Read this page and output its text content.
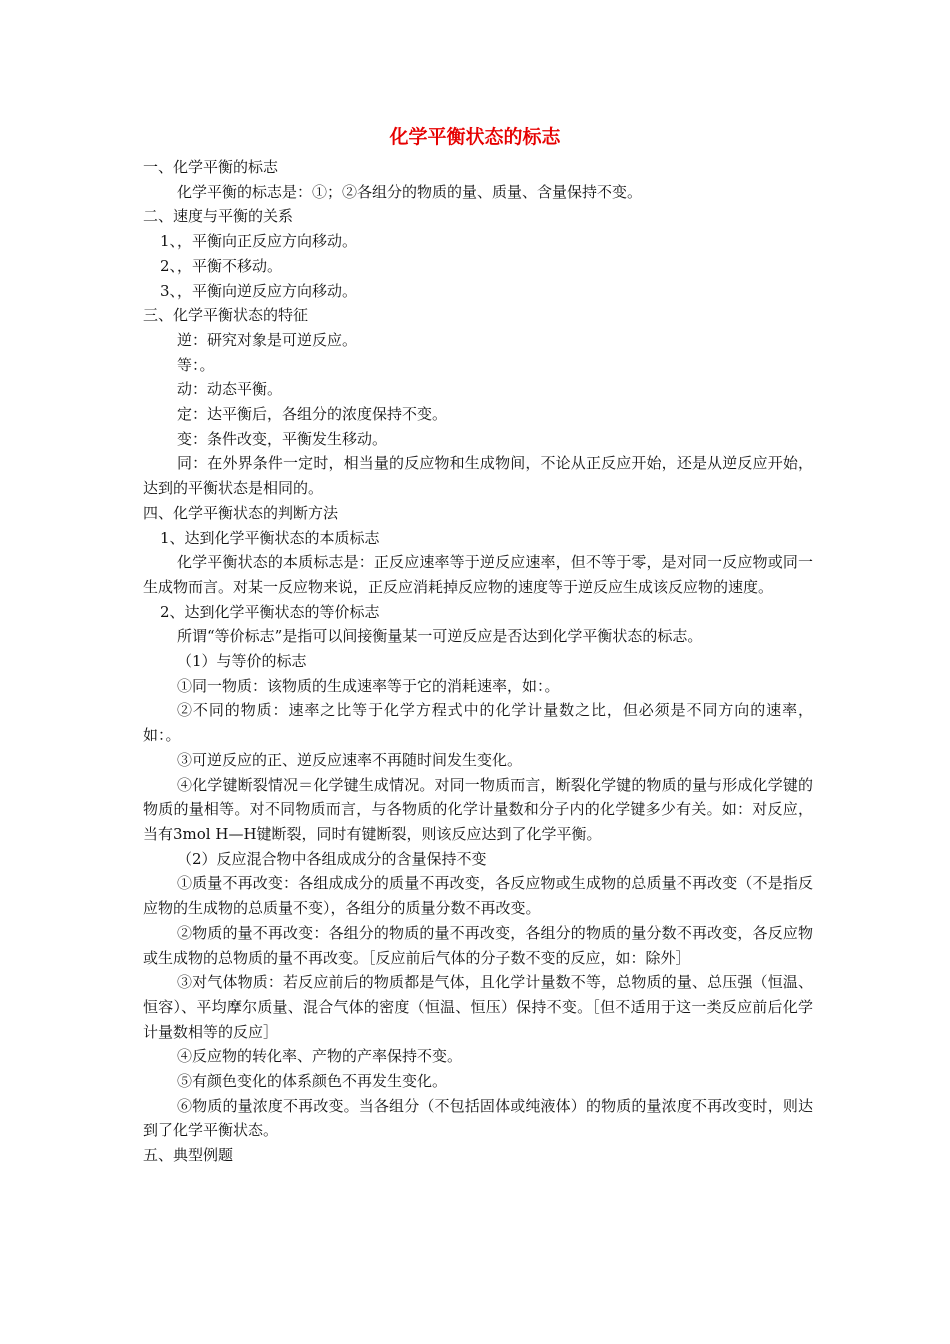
化学平衡状态的标志

一、化学平衡的标志

化学平衡的标志是：①；②各组分的物质的量、质量、含量保持不变。

二、速度与平衡的关系

1、，平衡向正反应方向移动。

2、，平衡不移动。

3、，平衡向逆反应方向移动。

三、化学平衡状态的特征

逆：研究对象是可逆反应。

等：。

动：动态平衡。

定：达平衡后，各组分的浓度保持不变。

变：条件改变，平衡发生移动。

同：在外界条件一定时，相当量的反应物和生成物间，不论从正反应开始，还是从逆反应开始，达到的平衡状态是相同的。

四、化学平衡状态的判断方法

1、达到化学平衡状态的本质标志

化学平衡状态的本质标志是：正反应速率等于逆反应速率，但不等于零，是对同一反应物或同一生成物而言。对某一反应物来说，正反应消耗掉反应物的速度等于逆反应生成该反应物的速度。

2、达到化学平衡状态的等价标志

所谓“等价标志”是指可以间接衡量某一可逆反应是否达到化学平衡状态的标志。

（1）与等价的标志

①同一物质：该物质的生成速率等于它的消耗速率，如：。

②不同的物质：速率之比等于化学方程式中的化学计量数之比，但必须是不同方向的速率，如：。

③可逆反应的正、逆反应速率不再随时间发生变化。

④化学键断裂情况＝化学键生成情况。对同一物质而言，断裂化学键的物质的量与形成化学键的物质的量相等。对不同物质而言，与各物质的化学计量数和分子内的化学键多少有关。如：对反应，当有3mol H—H键断裂，同时有键断裂，则该反应达到了化学平衡。

（2）反应混合物中各组成成分的含量保持不变

①质量不再改变：各组成成分的质量不再改变，各反应物或生成物的总质量不再改变（不是指反应物的生成物的总质量不变），各组分的质量分数不再改变。

②物质的量不再改变：各组分的物质的量不再改变，各组分的物质的量分数不再改变，各反应物或生成物的总物质的量不再改变。［反应前后气体的分子数不变的反应，如：除外］

③对气体物质：若反应前后的物质都是气体，且化学计量数不等，总物质的量、总压强（恒温、恒容）、平均摩尔质量、混合气体的密度（恒温、恒压）保持不变。［但不适用于这一类反应前后化学计量数相等的反应］

④反应物的转化率、产物的产率保持不变。

⑤有颜色变化的体系颜色不再发生变化。

⑥物质的量浓度不再改变。当各组分（不包括固体或纯液体）的物质的量浓度不再改变时，则达到了化学平衡状态。

五、典型例题
